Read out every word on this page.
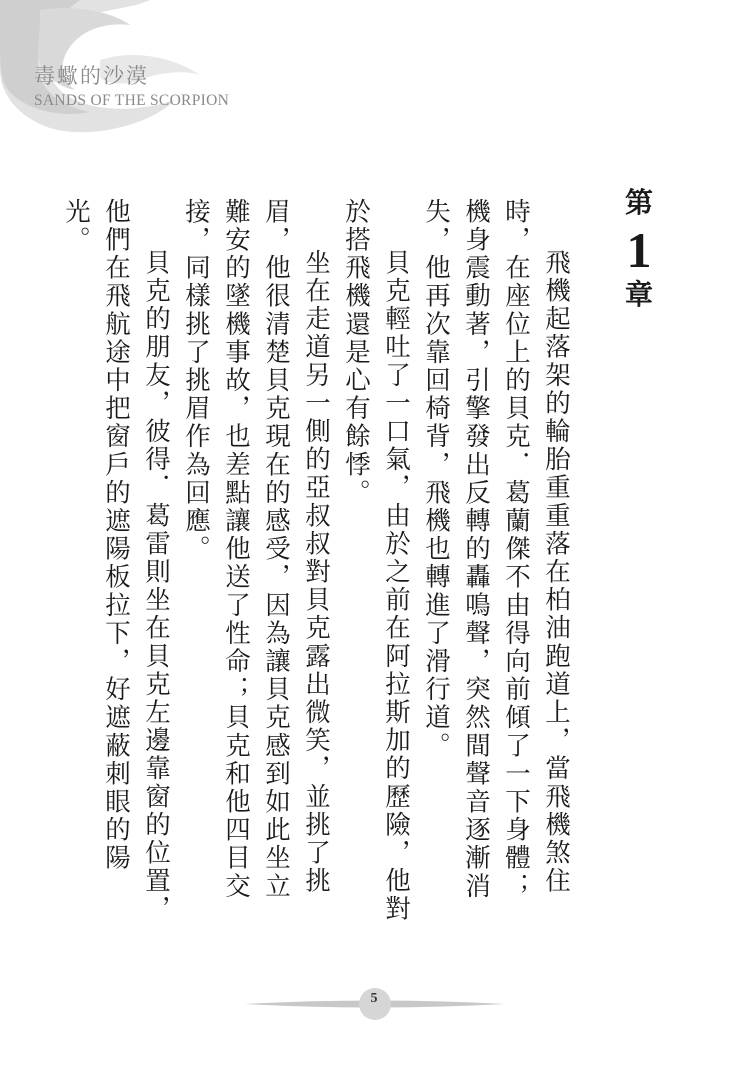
毒蠍的沙漠
SANDS OF THE SCORPION
第
1
章

飛機起落架的輪胎重重落在柏油跑道上，當飛機煞住時，在座位上的貝克．葛蘭傑不由得向前傾了一下身體；機身震動著，引擎發出反轉的轟鳴聲，突然間聲音逐漸消失，他再次靠回椅背，飛機也轉進了滑行道。

貝克輕吐了一口氣，由於之前在阿拉斯加的歷險，他對於搭飛機還是心有餘悸。

坐在走道另一側的亞叔叔對貝克露出微笑，並挑了挑眉，他很清楚貝克現在的感受，因為讓貝克感到如此坐立難安的墜機事故，也差點讓他送了性命；貝克和他四目交接，同樣挑了挑眉作為回應。

貝克的朋友，彼得．葛雷則坐在貝克左邊靠窗的位置，他們在飛航途中把窗戶的遮陽板拉下，好遮蔽刺眼的陽光。

5
